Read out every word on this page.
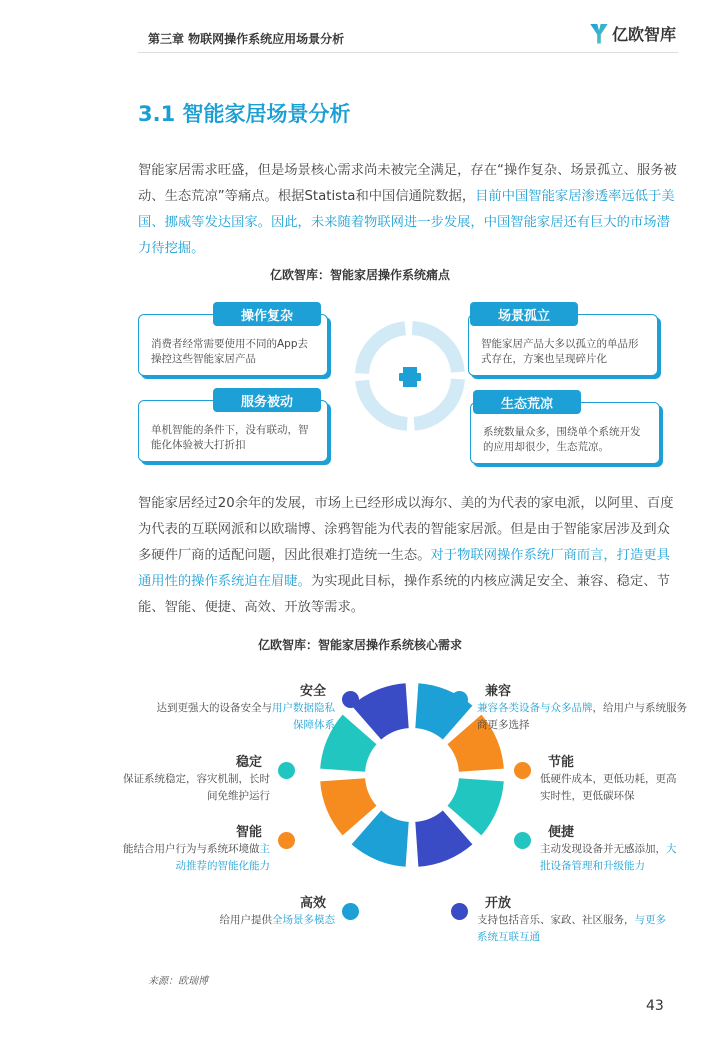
第三章 物联网操作系统应用场景分析	亿欧智库
3.1 智能家居场景分析
智能家居需求旺盛，但是场景核心需求尚未被完全满足，存在“操作复杂、场景孤立、服务被动、生态荒凉”等痛点。根据Statista和中国信通院数据，目前中国智能家居渗透率远低于美国、挪威等发达国家。因此，未来随着物联网进一步发展，中国智能家居还有巨大的市场潜力待挖掘。
亿欧智库：智能家居操作系统痛点
消费者经常需要使用不同的App去操控这些智能家居产品
操作复杂
智能家居产品大多以孤立的单品形式存在，方案也呈现碎片化
场景孤立
单机智能的条件下，没有联动，智能化体验被大打折扣
服务被动
系统数量众多，围绕单个系统开发的应用却很少，生态荒凉。
生态荒凉
智能家居经过20余年的发展，市场上已经形成以海尔、美的为代表的家电派，以阿里、百度为代表的互联网派和以欧瑞博、涂鸦智能为代表的智能家居派。但是由于智能家居涉及到众多硬件厂商的适配问题，因此很难打造统一生态。对于物联网操作系统厂商而言，打造更具通用性的操作系统迫在眉睫。为实现此目标，操作系统的内核应满足安全、兼容、稳定、节能、智能、便捷、高效、开放等需求。
亿欧智库：智能家居操作系统核心需求
兼容
兼容各类设备与众多品牌，给用户与系统服务商更多选择
节能
低硬件成本，更低功耗，更高实时性，更低碳环保
便捷
主动发现设备并无感添加，大批设备管理和升级能力
开放
支持包括音乐、家政、社区服务，与更多系统互联互通
高效
给用户提供全场景多模态
智能
能结合用户行为与系统环境做主动推荐的智能化能力
稳定
保证系统稳定，容灾机制，长时间免维护运行
安全
达到更强大的设备安全与用户数据隐私保障体系
来源：欧瑞博
43
